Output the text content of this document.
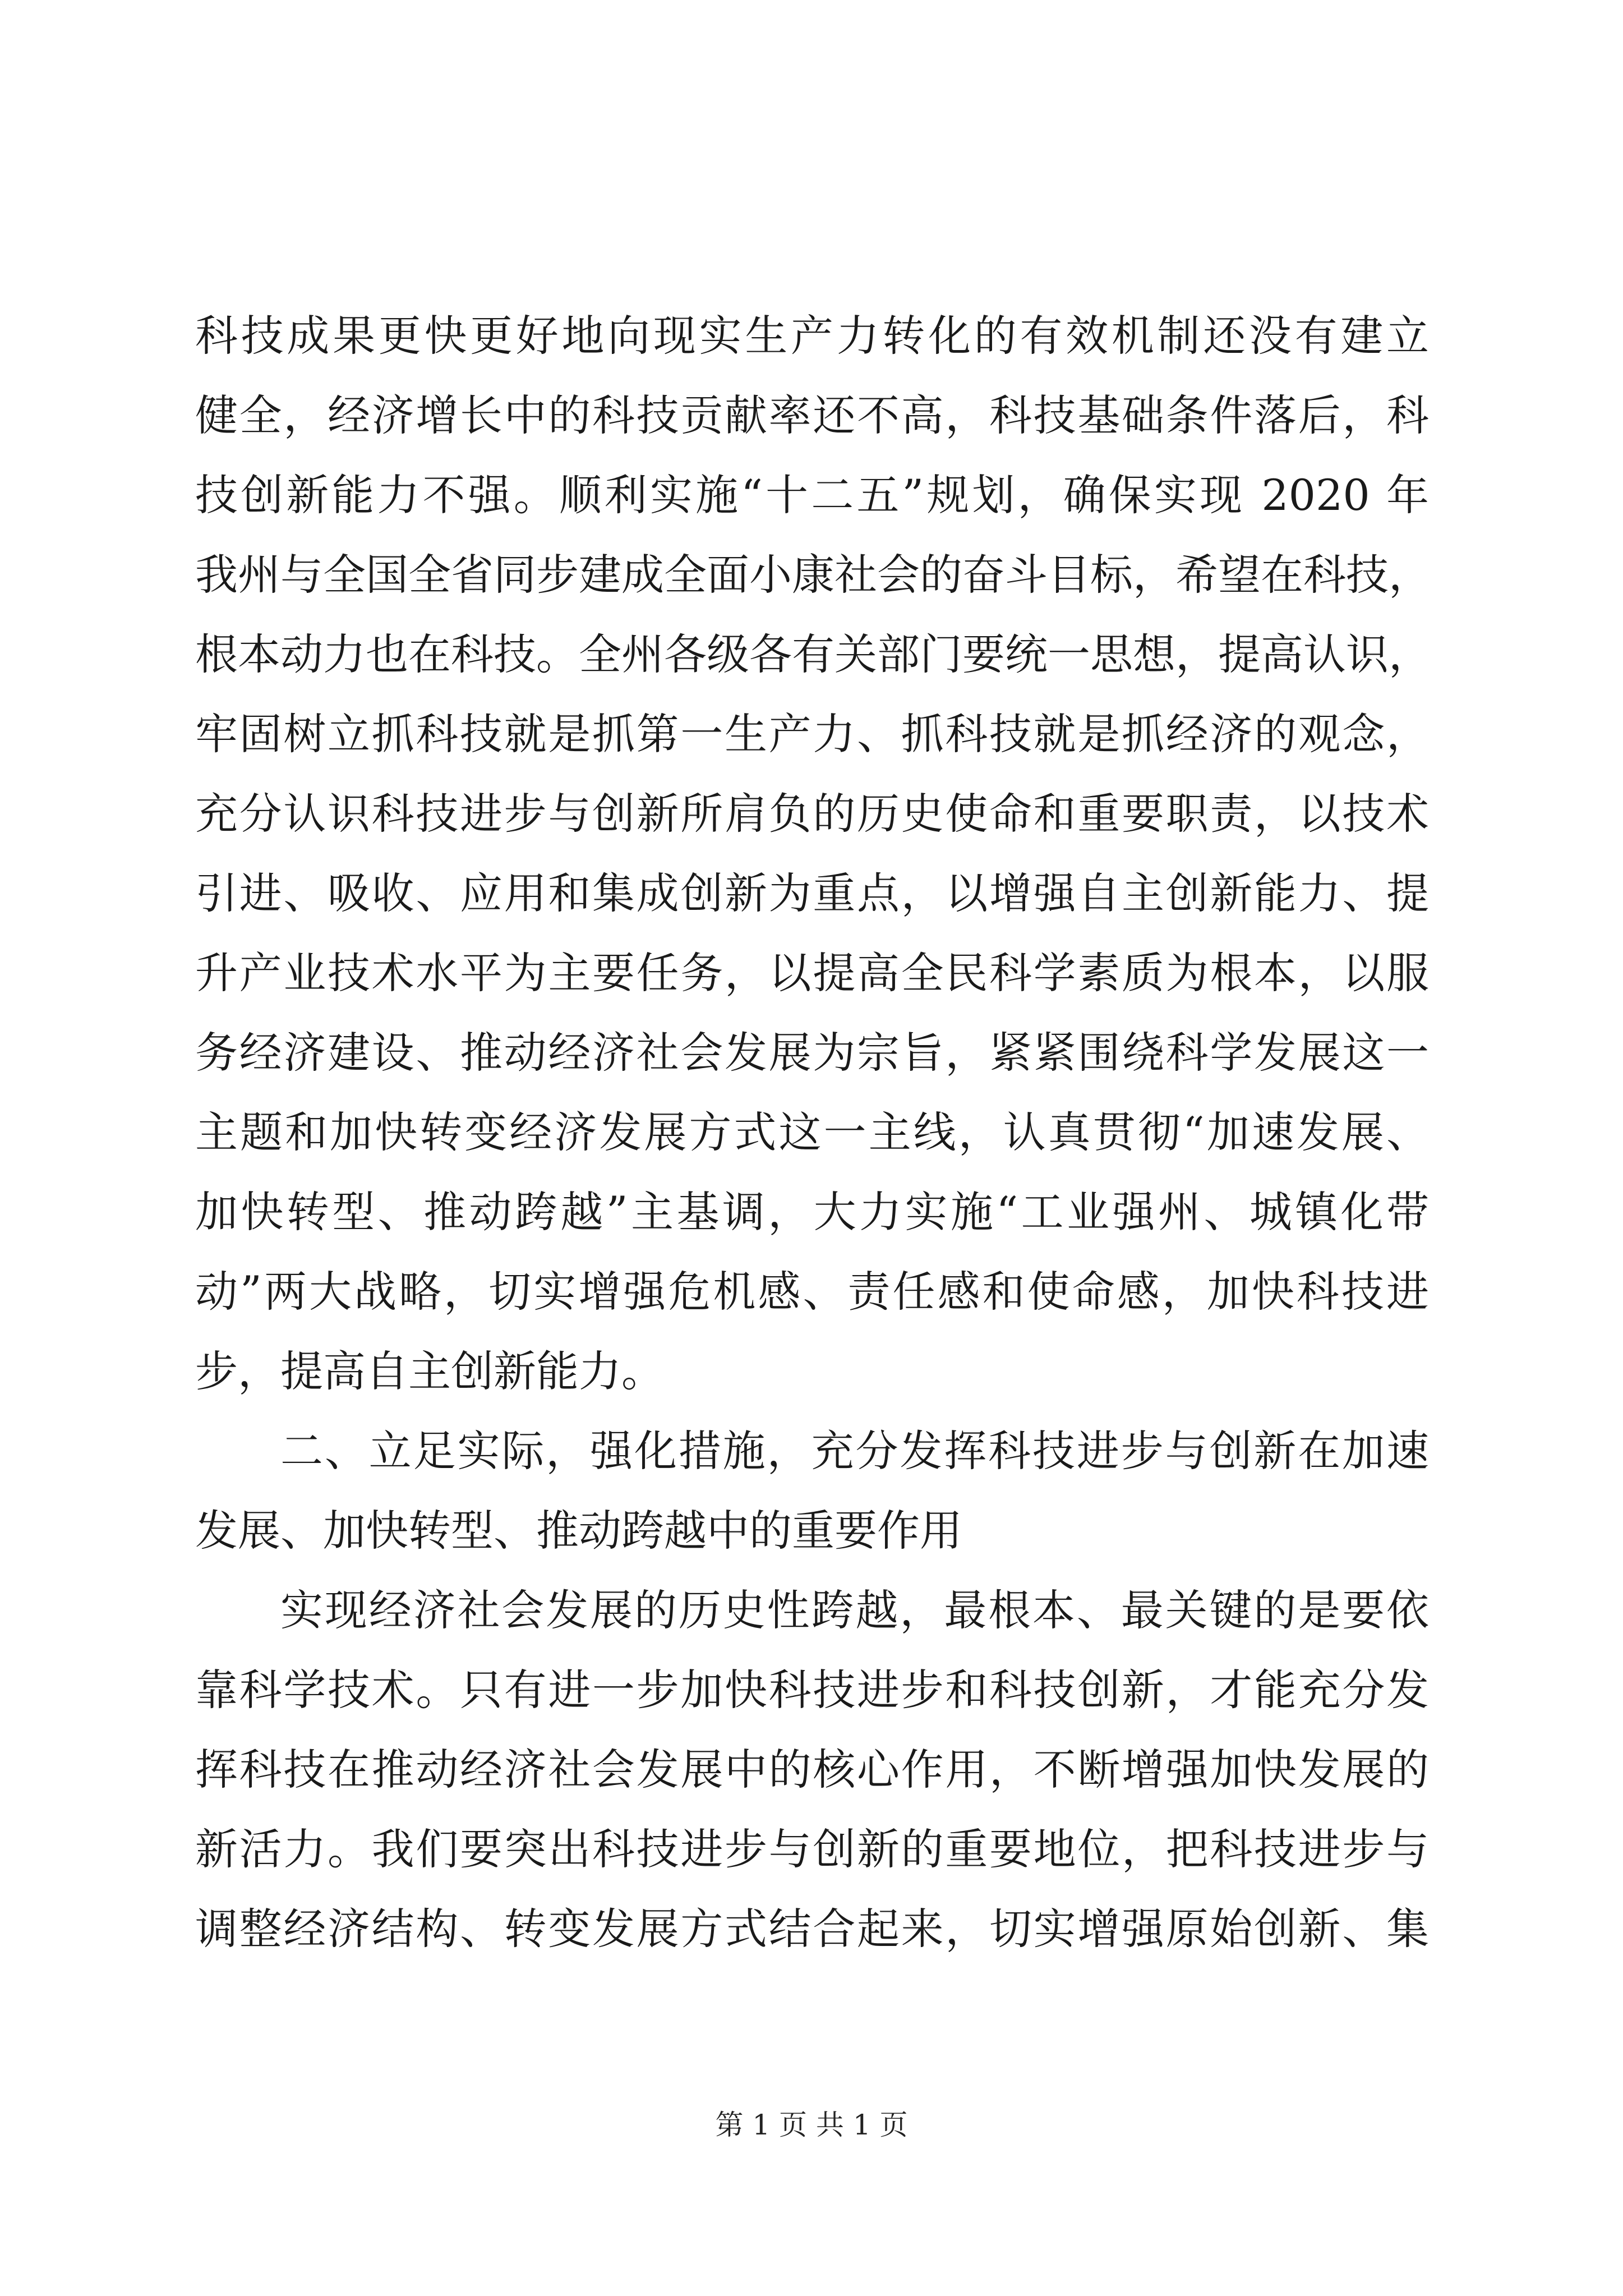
科技成果更快更好地向现实生产力转化的有效机制还没有建立
健全，经济增长中的科技贡献率还不高，科技基础条件落后，科
技创新能力不强。顺利实施“十二五”规划，确保实现 2020 年
我州与全国全省同步建成全面小康社会的奋斗目标，希望在科技，
根本动力也在科技。全州各级各有关部门要统一思想，提高认识，
牢固树立抓科技就是抓第一生产力、抓科技就是抓经济的观念，
充分认识科技进步与创新所肩负的历史使命和重要职责，以技术
引进、吸收、应用和集成创新为重点，以增强自主创新能力、提
升产业技术水平为主要任务，以提高全民科学素质为根本，以服
务经济建设、推动经济社会发展为宗旨，紧紧围绕科学发展这一
主题和加快转变经济发展方式这一主线，认真贯彻“加速发展、
加快转型、推动跨越”主基调，大力实施“工业强州、城镇化带
动”两大战略，切实增强危机感、责任感和使命感，加快科技进
步，提高自主创新能力。
二、立足实际，强化措施，充分发挥科技进步与创新在加速
发展、加快转型、推动跨越中的重要作用
实现经济社会发展的历史性跨越，最根本、最关键的是要依
靠科学技术。只有进一步加快科技进步和科技创新，才能充分发
挥科技在推动经济社会发展中的核心作用，不断增强加快发展的
新活力。我们要突出科技进步与创新的重要地位，把科技进步与
调整经济结构、转变发展方式结合起来，切实增强原始创新、集
第 1 页 共 1 页
